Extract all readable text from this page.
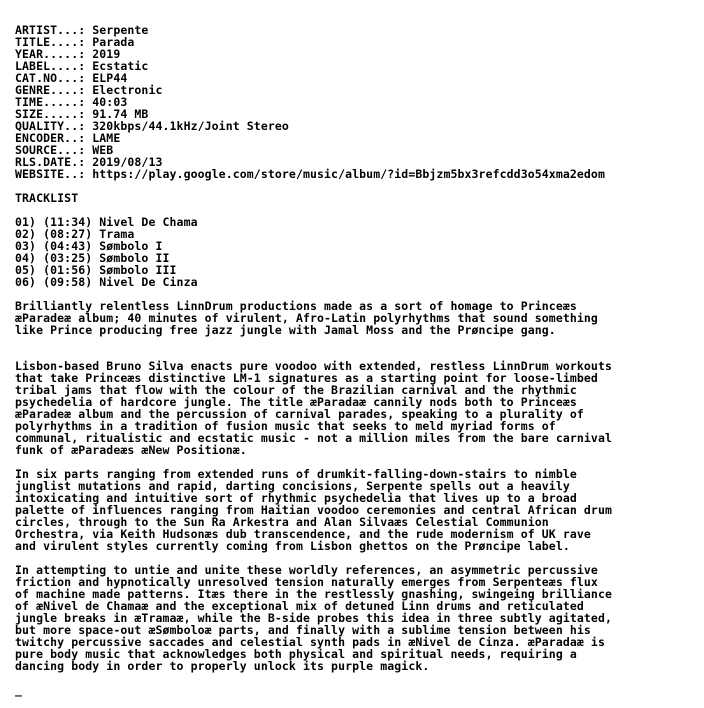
ARTIST...: Serpente
TITLE....: Parada
YEAR.....: 2019
LABEL....: Ecstatic
CAT.NO...: ELP44
GENRE....: Electronic
TIME.....: 40:03
SIZE.....: 91.74 MB
QUALITY..: 320kbps/44.1kHz/Joint Stereo
ENCODER..: LAME
SOURCE...: WEB
RLS.DATE.: 2019/08/13
WEBSITE..: https://play.google.com/store/music/album/?id=Bbjzm5bx3refcdd3o54xma2edom
TRACKLIST
01) (11:34) Nivel De Chama
02) (08:27) Trama
03) (04:43) Sømbolo I
04) (03:25) Sømbolo II
05) (01:56) Sømbolo III
06) (09:58) Nivel De Cinza
Brilliantly relentless LinnDrum productions made as a sort of homage to Princeæs
æParadeæ album; 40 minutes of virulent, Afro-Latin polyrhythms that sound something
like Prince producing free jazz jungle with Jamal Moss and the Prøncipe gang.
Lisbon-based Bruno Silva enacts pure voodoo with extended, restless LinnDrum workouts
that take Princeæs distinctive LM-1 signatures as a starting point for loose-limbed
tribal jams that flow with the colour of the Brazilian carnival and the rhythmic
psychedelia of hardcore jungle. The title æParadaæ cannily nods both to Princeæs
æParadeæ album and the percussion of carnival parades, speaking to a plurality of
polyrhythms in a tradition of fusion music that seeks to meld myriad forms of
communal, ritualistic and ecstatic music - not a million miles from the bare carnival
funk of æParadeæs æNew Positionæ.
In six parts ranging from extended runs of drumkit-falling-down-stairs to nimble
junglist mutations and rapid, darting concisions, Serpente spells out a heavily
intoxicating and intuitive sort of rhythmic psychedelia that lives up to a broad
palette of influences ranging from Haitian voodoo ceremonies and central African drum
circles, through to the Sun Ra Arkestra and Alan Silvaæs Celestial Communion
Orchestra, via Keith Hudsonæs dub transcendence, and the rude modernism of UK rave
and virulent styles currently coming from Lisbon ghettos on the Prøncipe label.
In attempting to untie and unite these worldly references, an asymmetric percussive
friction and hypnotically unresolved tension naturally emerges from Serpenteæs flux
of machine made patterns. Itæs there in the restlessly gnashing, swingeing brilliance
of æNivel de Chamaæ and the exceptional mix of detuned Linn drums and reticulated
jungle breaks in æTramaæ, while the B-side probes this idea in three subtly agitated,
but more space-out æSømboloæ parts, and finally with a sublime tension between his
twitchy percussive saccades and celestial synth pads in æNivel de Cinza. æParadaæ is
pure body music that acknowledges both physical and spiritual needs, requiring a
dancing body in order to properly unlock its purple magick.
_
